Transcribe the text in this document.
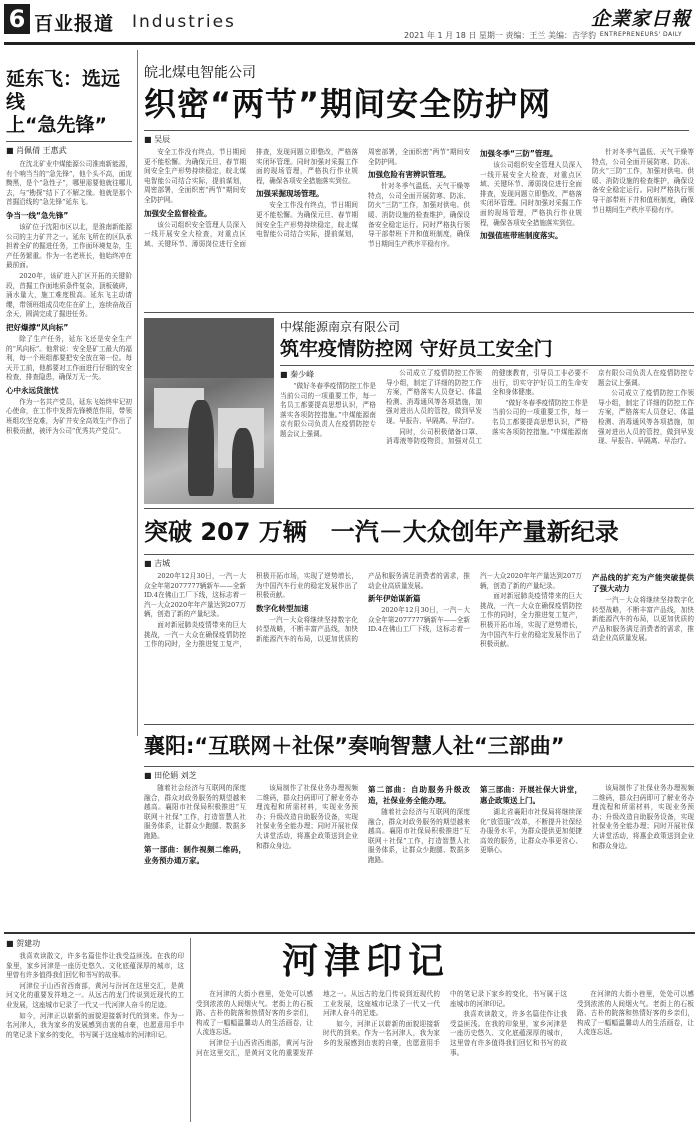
6 百业报道 Industries	企業家日報
ENTREPRENEURS' DAILY
2021 年 1 月 18 日 星期一 责编：王兰 美编：吉学豹
延东飞：选远线
上“急先锋”
■ 肖佩倩 王惠武

在沈北矿业中煤能源公司淮南新能源，有个响当当的“急先锋”，他个头不高，面庞黝黑，是个“急性子”，哪里需要他就往哪儿去，与“勘探”结下了不解之缘。他就是那个首掘沿线的“急先锋”延东飞。

争当一线“急先锋”

该矿位于沈阳市区以北，是淮南新能源公司的主力矿井之一。延东飞所在的区队承担着全矿的掘进任务，工作面环境复杂，生产任务繁重。作为一名老班长，他始终冲在最前面。

2020年，该矿进入扩区开拓的关键阶段，首掘工作面地质条件复杂，顶板破碎，涌水量大，施工难度极高。延东飞主动请缨，带领班组成员吃住在矿上，连续奋战百余天，圆满完成了掘进任务。

把好爆撑“风向标”

除了生产任务，延东飞还是安全生产的“风向标”。他常说：安全是矿工最大的福利，每一个班组都要把安全放在第一位。每天开工前，他都要对工作面进行仔细的安全检查，排查隐患，确保万无一失。

心中永远货旅忧

作为一名共产党员，延东飞始终牢记初心使命，在工作中发挥先锋模范作用，带领班组攻坚克难，为矿井安全高效生产作出了积极贡献，被评为公司“优秀共产党员”。

皖北煤电智能公司
织密“两节”期间安全防护网
■ 吴辰

安全工作没有终点，节日期间更不能松懈。为确保元旦、春节期间安全生产形势持续稳定，皖北煤电智能公司结合实际，提前谋划，周密部署，全面织密“两节”期间安全防护网。

加强安全监督检查。

该公司组织安全管理人员深入一线开展安全大检查，对重点区域、关键环节、薄弱岗位进行全面排查，发现问题立即整改，严格落实闭环管理。同时加强对采掘工作面的现场管理，严格执行作业规程，确保各项安全措施落实到位。

加强采掘现场管理。

安全工作没有终点，节日期间更不能松懈。为确保元旦、春节期间安全生产形势持续稳定，皖北煤电智能公司结合实际，提前谋划，周密部署，全面织密“两节”期间安全防护网。

加强危险有害辨识管理。

针对冬季气温低、天气干燥等特点，公司全面开展防寒、防冻、防火“三防”工作，加强对供电、供暖、消防设施的检查维护，确保设备安全稳定运行。同时严格执行领导干部带班下井和值班制度，确保节日期间生产秩序平稳有序。

加强冬季“三防”管理。

该公司组织安全管理人员深入一线开展安全大检查，对重点区域、关键环节、薄弱岗位进行全面排查，发现问题立即整改，严格落实闭环管理。同时加强对采掘工作面的现场管理，严格执行作业规程，确保各项安全措施落实到位。

加强值班带班制度落实。

针对冬季气温低、天气干燥等特点，公司全面开展防寒、防冻、防火“三防”工作，加强对供电、供暖、消防设施的检查维护，确保设备安全稳定运行。同时严格执行领导干部带班下井和值班制度，确保节日期间生产秩序平稳有序。

中煤能源南京有限公司
筑牢疫情防控网 守好员工安全门
■ 秦少峰

“做好冬春季疫情防控工作是当前公司的一项重要工作，每一名员工都要提高思想认识，严格落实各项防控措施。”中煤能源南京有限公司负责人在疫情防控专题会议上强调。

公司成立了疫情防控工作领导小组，制定了详细的防控工作方案，严格落实人员登记、体温检测、消毒通风等各项措施，加强对进出人员的管控，做到早发现、早报告、早隔离、早治疗。

同时，公司积极储备口罩、消毒液等防疫物资，加强对员工的健康教育，引导员工非必要不出行，切实守护好员工的生命安全和身体健康。

“做好冬春季疫情防控工作是当前公司的一项重要工作，每一名员工都要提高思想认识，严格落实各项防控措施。”中煤能源南京有限公司负责人在疫情防控专题会议上强调。

公司成立了疫情防控工作领导小组，制定了详细的防控工作方案，严格落实人员登记、体温检测、消毒通风等各项措施，加强对进出人员的管控，做到早发现、早报告、早隔离、早治疗。

突破 207 万辆　一汽－大众创年产量新纪录
■ 吉城

2020年12月30日，一汽－大众全年第2077777辆新车——全新ID.4在佛山工厂下线，这标志着一汽－大众2020年年产量达到207万辆，创造了新的产量纪录。

面对新冠肺炎疫情带来的巨大挑战，一汽－大众在确保疫情防控工作的同时，全力推进复工复产，积极开拓市场，实现了逆势增长，为中国汽车行业的稳定发展作出了积极贡献。

数字化转型加速

一汽－大众将继续坚持数字化转型战略，不断丰富产品线，加快新能源汽车的布局，以更加优质的产品和服务满足消费者的需求，推动企业高质量发展。

新年伊始谋新篇

2020年12月30日，一汽－大众全年第2077777辆新车——全新ID.4在佛山工厂下线，这标志着一汽－大众2020年年产量达到207万辆，创造了新的产量纪录。

面对新冠肺炎疫情带来的巨大挑战，一汽－大众在确保疫情防控工作的同时，全力推进复工复产，积极开拓市场，实现了逆势增长，为中国汽车行业的稳定发展作出了积极贡献。

产品线的扩充为产能突破提供了强大动力

一汽－大众将继续坚持数字化转型战略，不断丰富产品线，加快新能源汽车的布局，以更加优质的产品和服务满足消费者的需求，推动企业高质量发展。

襄阳:“互联网＋社保”奏响智慧人社“三部曲”
■ 田伦娟 刘芝

随着社会经济与互联网的深度融合，群众对政务服务的期望越来越高。襄阳市社保局积极推进“互联网＋社保”工作，打造智慧人社服务体系，让群众少跑腿、数据多跑路。

第一部曲：制作视频二维码，业务预办通万家。

该局制作了社保业务办理视频二维码，群众扫码即可了解业务办理流程和所需材料，实现业务预办；升级改造自助服务设备，实现社保业务全能办理；同时开展社保大讲堂活动，将惠企政策送到企业和群众身边。

第二部曲：自助服务升级改造，社保业务全能办理。

随着社会经济与互联网的深度融合，群众对政务服务的期望越来越高。襄阳市社保局积极推进“互联网＋社保”工作，打造智慧人社服务体系，让群众少跑腿、数据多跑路。

第三部曲：开展社保大讲堂，惠企政策送上门。

湖北省襄阳市社保局将继续深化“放管服”改革，不断提升社保经办服务水平，为群众提供更加便捷高效的服务，让群众办事更省心、更顺心。

该局制作了社保业务办理视频二维码，群众扫码即可了解业务办理流程和所需材料，实现业务预办；升级改造自助服务设备，实现社保业务全能办理；同时开展社保大讲堂活动，将惠企政策送到企业和群众身边。

■ 贺建功

我喜欢读散文，许多名篇佳作让我受益匪浅。在我的印象里，家乡河津是一座历史悠久、文化底蕴深厚的城市，这里曾有许多值得我们回忆和书写的故事。

河津位于山西省西南部，黄河与汾河在这里交汇，是黄河文化的重要发祥地之一。从远古的龙门传说到近现代的工业发展，这座城市记录了一代又一代河津人奋斗的足迹。

如今，河津正以崭新的面貌迎接新时代的到来。作为一名河津人，我为家乡的发展感到由衷的自豪，也愿意用手中的笔记录下家乡的变化，书写属于这座城市的河津印记。

河津印记

在河津的大街小巷里，处处可以感受到浓浓的人间烟火气。老街上的石板路、古朴的院落和热情好客的乡亲们，构成了一幅幅温馨动人的生活画卷，让人流连忘返。

河津位于山西省西南部，黄河与汾河在这里交汇，是黄河文化的重要发祥地之一。从远古的龙门传说到近现代的工业发展，这座城市记录了一代又一代河津人奋斗的足迹。

如今，河津正以崭新的面貌迎接新时代的到来。作为一名河津人，我为家乡的发展感到由衷的自豪，也愿意用手中的笔记录下家乡的变化，书写属于这座城市的河津印记。

我喜欢读散文，许多名篇佳作让我受益匪浅。在我的印象里，家乡河津是一座历史悠久、文化底蕴深厚的城市，这里曾有许多值得我们回忆和书写的故事。

在河津的大街小巷里，处处可以感受到浓浓的人间烟火气。老街上的石板路、古朴的院落和热情好客的乡亲们，构成了一幅幅温馨动人的生活画卷，让人流连忘返。
